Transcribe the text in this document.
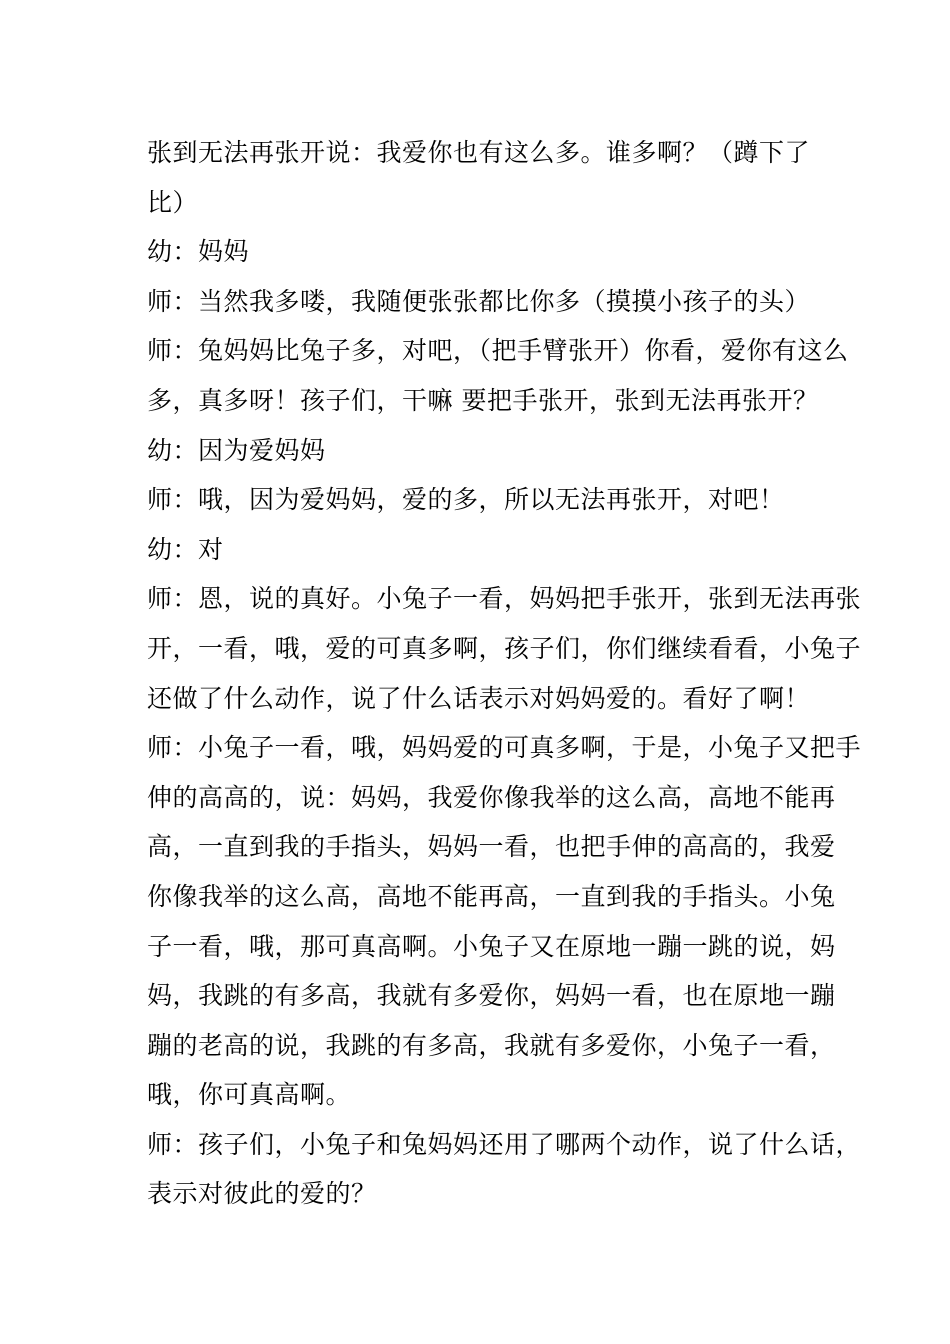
张到无法再张开说：我爱你也有这么多。谁多啊？（蹲下了
比）
幼：妈妈
师：当然我多喽，我随便张张都比你多（摸摸小孩子的头）
师：兔妈妈比兔子多，对吧，（把手臂张开）你看，爱你有这么
多，真多呀！孩子们，干嘛 要把手张开，张到无法再张开？
幼：因为爱妈妈
师：哦，因为爱妈妈，爱的多，所以无法再张开，对吧！
幼：对
师：恩，说的真好。小兔子一看，妈妈把手张开，张到无法再张
开，一看，哦，爱的可真多啊，孩子们，你们继续看看，小兔子
还做了什么动作，说了什么话表示对妈妈爱的。看好了啊！
师：小兔子一看，哦，妈妈爱的可真多啊，于是，小兔子又把手
伸的高高的，说：妈妈，我爱你像我举的这么高，高地不能再
高，一直到我的手指头，妈妈一看，也把手伸的高高的，我爱
你像我举的这么高，高地不能再高，一直到我的手指头。小兔
子一看，哦，那可真高啊。小兔子又在原地一蹦一跳的说，妈
妈，我跳的有多高，我就有多爱你，妈妈一看，也在原地一蹦
蹦的老高的说，我跳的有多高，我就有多爱你，小兔子一看，
哦，你可真高啊。
师：孩子们，小兔子和兔妈妈还用了哪两个动作，说了什么话，
表示对彼此的爱的？
